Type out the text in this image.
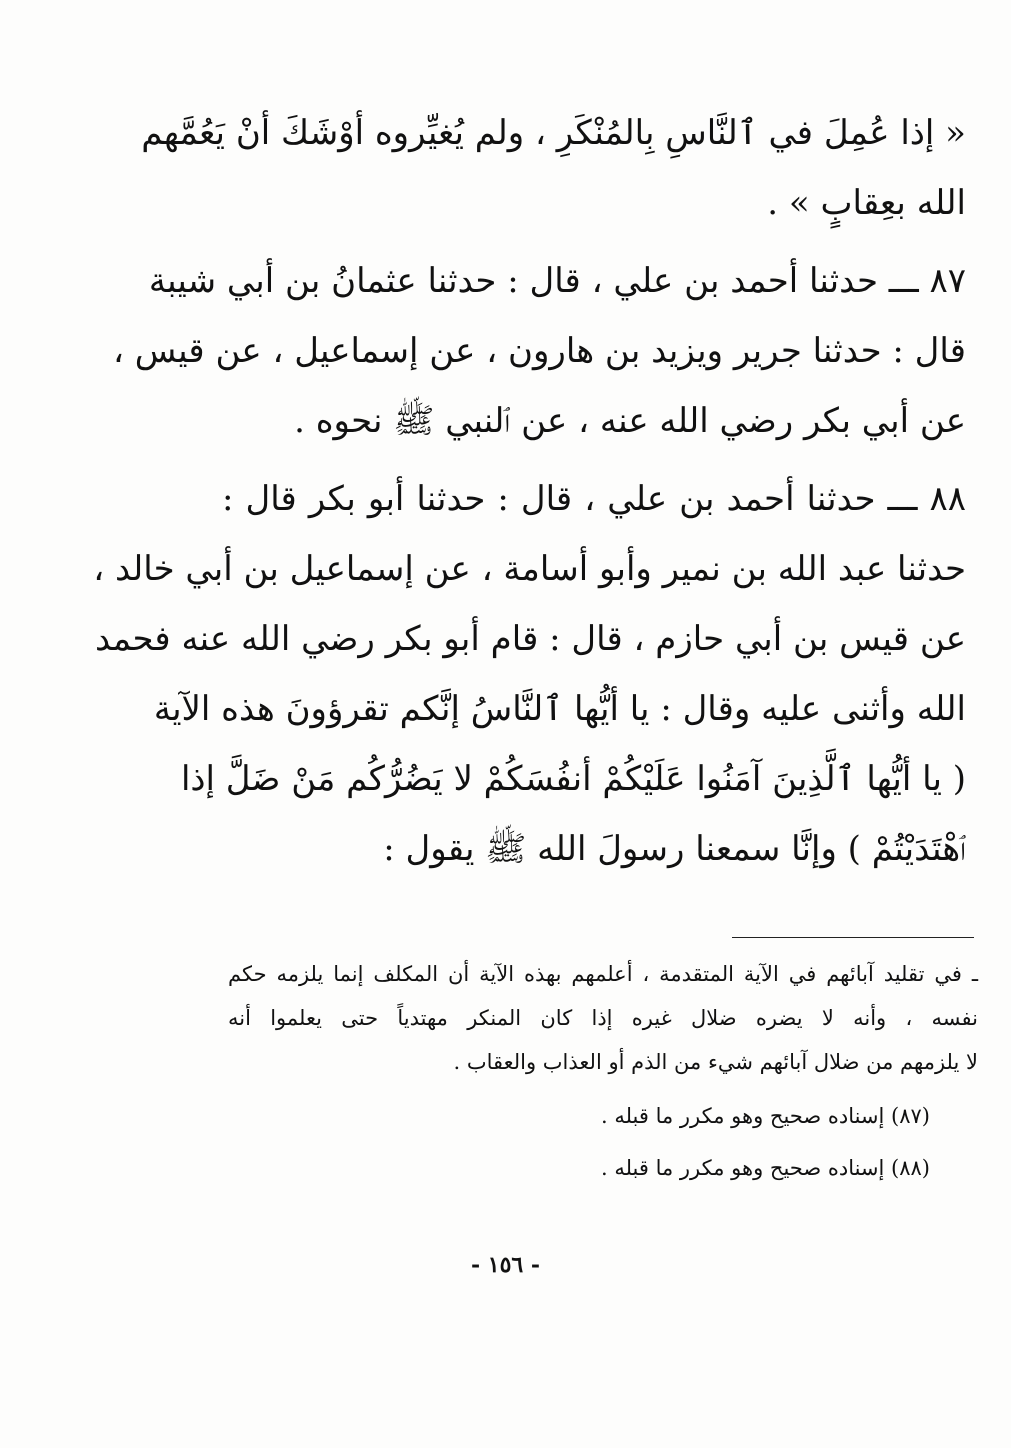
« إذا عُمِلَ في ٱلنَّاسِ بِالمُنْكَرِ ، ولم يُغيِّروه أوْشَكَ أنْ يَعُمَّهم
الله بعِقابٍ » .
٨٧ ـــ حدثنا أحمد بن علي ، قال : حدثنا عثمانُ بن أبي شيبة
قال : حدثنا جرير ويزيد بن هارون ، عن إسماعيل ، عن قيس ،
عن أبي بكر رضي الله عنه ، عن ٱلنبي ﷺ نحوه .
٨٨ ـــ حدثنا أحمد بن علي ، قال : حدثنا أبو بكر قال :
حدثنا عبد الله بن نمير وأبو أسامة ، عن إسماعيل بن أبي خالد ،
عن قيس بن أبي حازم ، قال : قام أبو بكر رضي الله عنه فحمد
الله وأثنى عليه وقال : يا أيُّها ٱلنَّاسُ إنَّكم تقرؤونَ هذه الآية
( يا أيُّها ٱلَّذِينَ آمَنُوا عَلَيْكُمْ أنفُسَكُمْ لا يَضُرُّكُم مَنْ ضَلَّ إذا
ٱهْتَدَيْتُمْ ) وإنَّا سمعنا رسولَ الله ﷺ يقول :
ـ في تقليد آبائهم في الآية المتقدمة ، أعلمهم بهذه الآية أن المكلف إنما يلزمه حكم
نفسه ، وأنه لا يضره ضلال غيره إذا كان المنكر مهتدياً حتى يعلموا أنه
لا يلزمهم من ضلال آبائهم شيء من الذم أو العذاب والعقاب .
(٨٧) إسناده صحيح وهو مكرر ما قبله .
(٨٨) إسناده صحيح وهو مكرر ما قبله .
- ١٥٦ -
